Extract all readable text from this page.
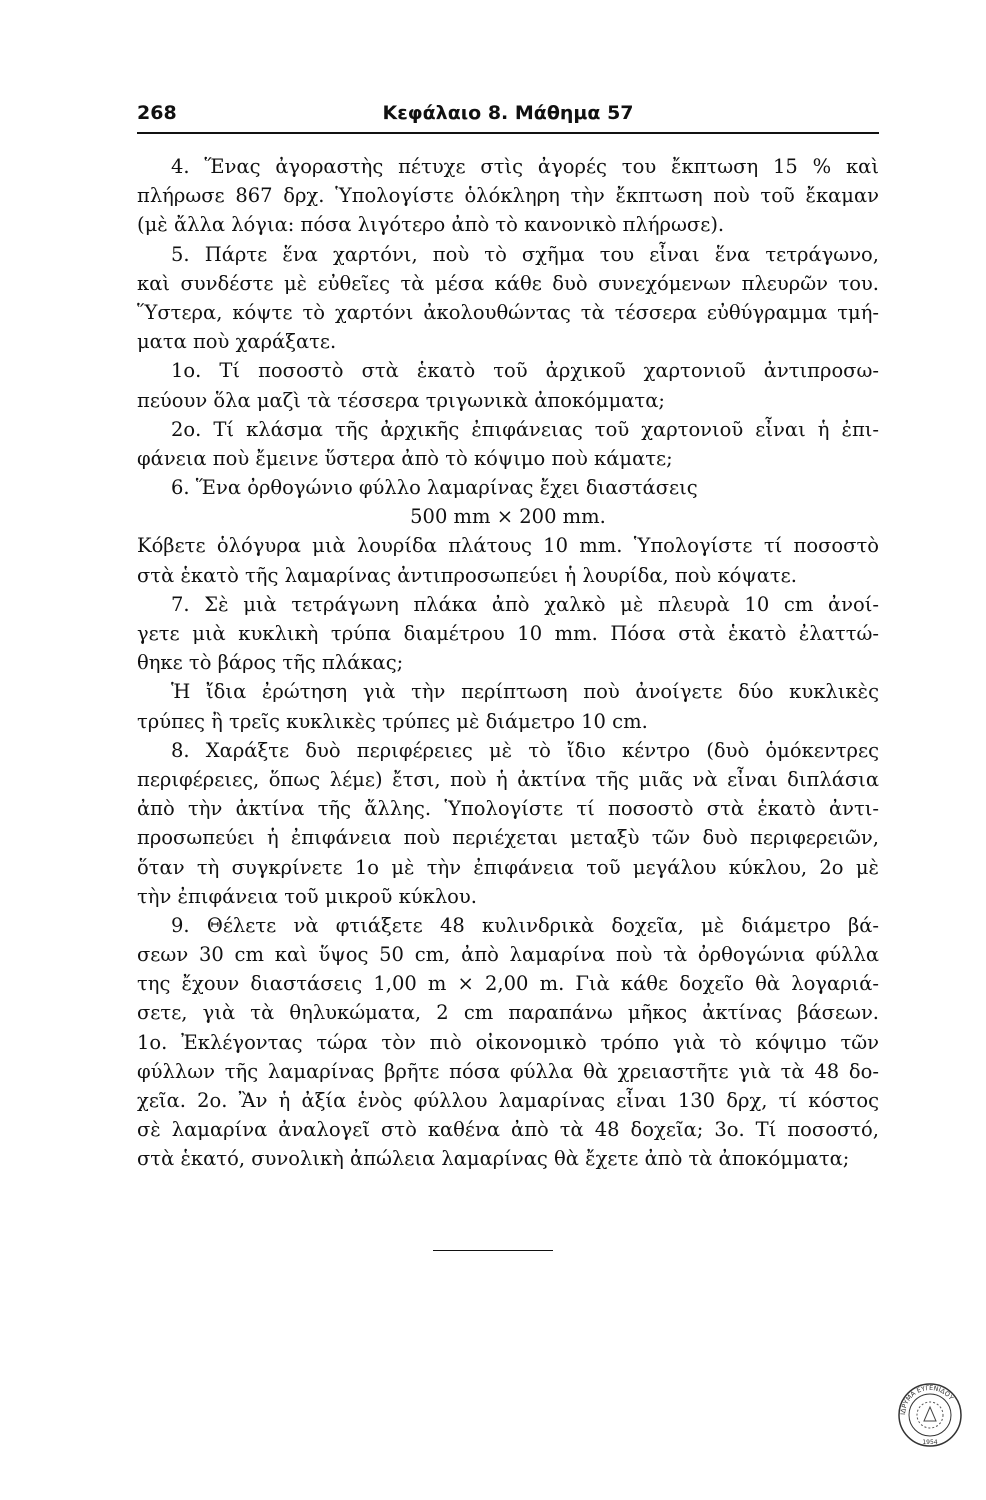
268	Κεφάλαιο 8. Μάθημα 57
4. Ἕνας ἀγοραστὴς πέτυχε στὶς ἀγορές του ἔκπτωση 15 % καὶ
πλήρωσε 867 δρχ. Ὑπολογίστε ὁλόκληρη τὴν ἔκπτωση ποὺ τοῦ ἔκαμαν
(μὲ ἄλλα λόγια: πόσα λιγότερο ἀπὸ τὸ κανονικὸ πλήρωσε).
5. Πάρτε ἕνα χαρτόνι, ποὺ τὸ σχῆμα του εἶναι ἕνα τετράγωνο,
καὶ συνδέστε μὲ εὐθεῖες τὰ μέσα κάθε δυὸ συνεχόμενων πλευρῶν του.
Ὕστερα, κόψτε τὸ χαρτόνι ἀκολουθώντας τὰ τέσσερα εὐθύγραμμα τμή-
ματα ποὺ χαράξατε.
1ο. Τί ποσοστὸ στὰ ἑκατὸ τοῦ ἀρχικοῦ χαρτονιοῦ ἀντιπροσω-
πεύουν ὅλα μαζὶ τὰ τέσσερα τριγωνικὰ ἀποκόμματα;
2ο. Τί κλάσμα τῆς ἀρχικῆς ἐπιφάνειας τοῦ χαρτονιοῦ εἶναι ἡ ἐπι-
φάνεια ποὺ ἔμεινε ὕστερα ἀπὸ τὸ κόψιμο ποὺ κάματε;
6. Ἕνα ὀρθογώνιο φύλλο λαμαρίνας ἔχει διαστάσεις
500 mm × 200 mm.
Κόβετε ὁλόγυρα μιὰ λουρίδα πλάτους 10 mm. Ὑπολογίστε τί ποσοστὸ
στὰ ἑκατὸ τῆς λαμαρίνας ἀντιπροσωπεύει ἡ λουρίδα, ποὺ κόψατε.
7. Σὲ μιὰ τετράγωνη πλάκα ἀπὸ χαλκὸ μὲ πλευρὰ 10 cm ἀνοί-
γετε μιὰ κυκλικὴ τρύπα διαμέτρου 10 mm. Πόσα στὰ ἑκατὸ ἐλαττώ-
θηκε τὸ βάρος τῆς πλάκας;
Ἡ ἴδια ἐρώτηση γιὰ τὴν περίπτωση ποὺ ἀνοίγετε δύο κυκλικὲς
τρύπες ἢ τρεῖς κυκλικὲς τρύπες μὲ διάμετρο 10 cm.
8. Χαράξτε δυὸ περιφέρειες μὲ τὸ ἴδιο κέντρο (δυὸ ὁμόκεντρες
περιφέρειες, ὅπως λέμε) ἔτσι, ποὺ ἡ ἀκτίνα τῆς μιᾶς νὰ εἶναι διπλάσια
ἀπὸ τὴν ἀκτίνα τῆς ἄλλης. Ὑπολογίστε τί ποσοστὸ στὰ ἑκατὸ ἀντι-
προσωπεύει ἡ ἐπιφάνεια ποὺ περιέχεται μεταξὺ τῶν δυὸ περιφερειῶν,
ὅταν τὴ συγκρίνετε 1ο μὲ τὴν ἐπιφάνεια τοῦ μεγάλου κύκλου, 2ο μὲ
τὴν ἐπιφάνεια τοῦ μικροῦ κύκλου.
9. Θέλετε νὰ φτιάξετε 48 κυλινδρικὰ δοχεῖα, μὲ διάμετρο βά-
σεων 30 cm καὶ ὕψος 50 cm, ἀπὸ λαμαρίνα ποὺ τὰ ὀρθογώνια φύλλα
της ἔχουν διαστάσεις 1,00 m × 2,00 m. Γιὰ κάθε δοχεῖο θὰ λογαριά-
σετε, γιὰ τὰ θηλυκώματα, 2 cm παραπάνω μῆκος ἀκτίνας βάσεων.
1ο. Ἐκλέγοντας τώρα τὸν πιὸ οἰκονομικὸ τρόπο γιὰ τὸ κόψιμο τῶν
φύλλων τῆς λαμαρίνας βρῆτε πόσα φύλλα θὰ χρειαστῆτε γιὰ τὰ 48 δο-
χεῖα. 2ο. Ἂν ἡ ἀξία ἑνὸς φύλλου λαμαρίνας εἶναι 130 δρχ, τί κόστος
σὲ λαμαρίνα ἀναλογεῖ στὸ καθένα ἀπὸ τὰ 48 δοχεῖα; 3ο. Τί ποσοστό,
στὰ ἑκατό, συνολικὴ ἀπώλεια λαμαρίνας θὰ ἔχετε ἀπὸ τὰ ἀποκόμματα;
ΙΔΡΥΜΑ ΕΥΓΕΝΙΔΟΥ
1954
